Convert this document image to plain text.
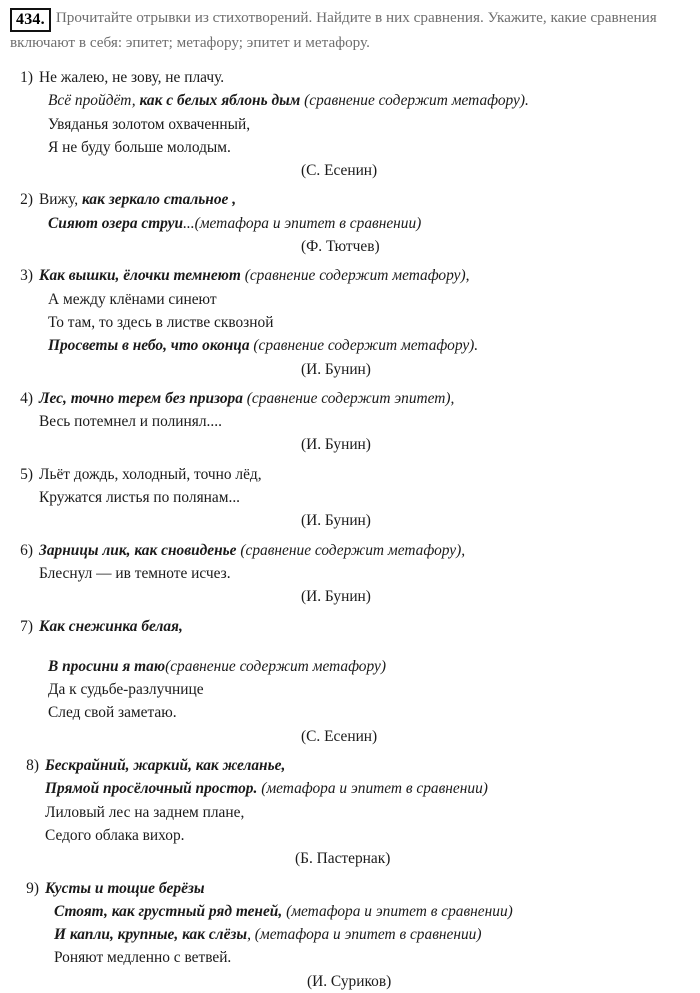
434. Прочитайте отрывки из стихотворений. Найдите в них сравнения. Укажите, какие сравнения включают в себя: эпитет; метафору; эпитет и метафору.
1) Не жалею, не зову, не плачу.
Всё пройдёт, как с белых яблонь дым (сравнение содержит метафору).
Увяданья золотом охваченный,
Я не буду больше молодым.
(С. Есенин)
2) Вижу, как зеркало стальное ,
Сияют озера струи...(метафора и эпитет в сравнении)
(Ф. Тютчев)
3) Как вышки, ёлочки темнеют (сравнение содержит метафору),
А между клёнами синеют
То там, то здесь в листве сквозной
Просветы в небо, что оконца (сравнение содержит метафору).
(И. Бунин)
4) Лес, точно терем без призора (сравнение содержит эпитет),
Весь потемнел и полинял....
(И. Бунин)
5) Льёт дождь, холодный, точно лёд,
Кружатся листья по полянам...
(И. Бунин)
6) Зарницы лик, как сновиденье (сравнение содержит метафору),
Блеснул — ив темноте исчез.
(И. Бунин)
7) Как снежинка белая,
В просини я таю(сравнение содержит метафору)
Да к судьбе-разлучнице
След свой заметаю.
(С. Есенин)
8) Бескрайний, жаркий, как желанье,
Прямой просёлочный простор. (метафора и эпитет в сравнении)
Лиловый лес на заднем плане,
Седого облака вихор.
(Б. Пастернак)
9) Кусты и тощие берёзы
Стоят, как грустный ряд теней, (метафора и эпитет в сравнении)
И капли, крупные, как слёзы, (метафора и эпитет в сравнении)
Роняют медленно с ветвей.
(И. Суриков)
